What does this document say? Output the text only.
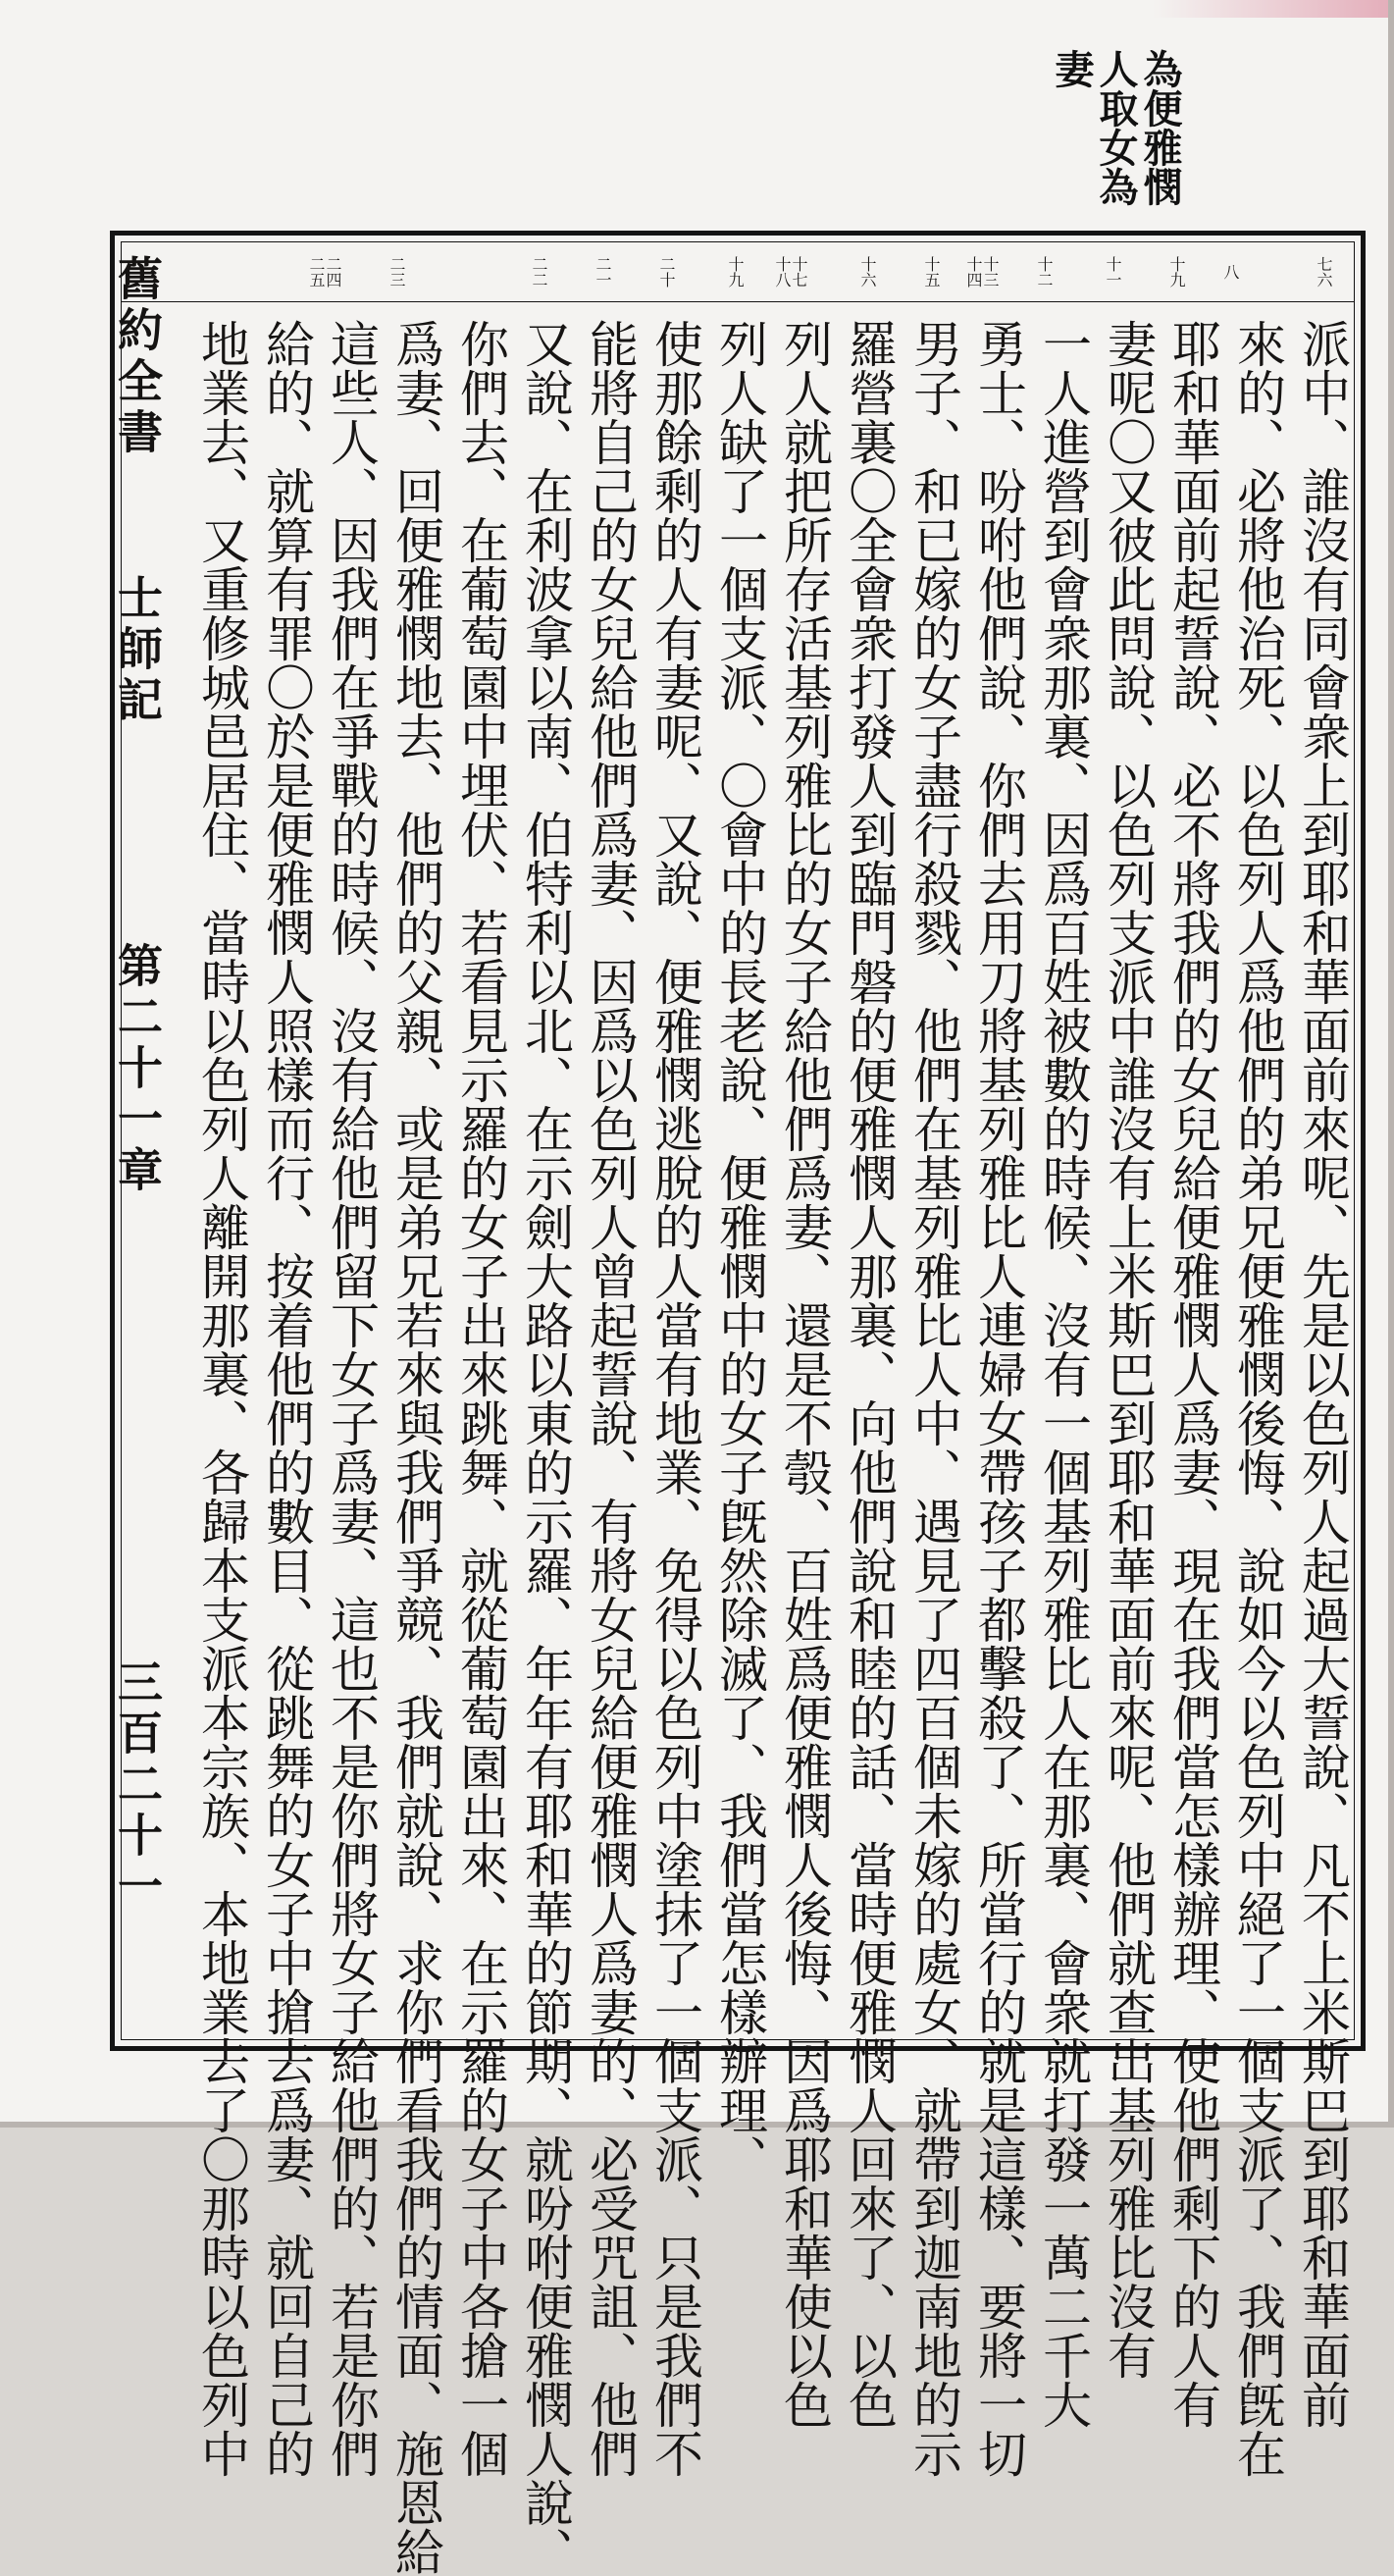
為便雅憫人取女為妻
舊約全書
士師記
第二十一章
三百二十一
七六
八
十九
十一
十二
十三十四
十五
十六
十七十八
十九
二十
二一
二二
二三
二四二五
派中、誰沒有同會衆上到耶和華面前來呢、先是以色列人起過大誓說、凡不上米斯巴到耶和華面前
來的、必將他治死、以色列人爲他們的弟兄便雅憫後悔、說如今以色列中絕了一個支派了、我們旣在
耶和華面前起誓說、必不將我們的女兒給便雅憫人爲妻、現在我們當怎樣辦理、使他們剩下的人有
妻呢〇又彼此問說、以色列支派中誰沒有上米斯巴到耶和華面前來呢、他們就查出基列雅比沒有
一人進營到會衆那裏、因爲百姓被數的時候、沒有一個基列雅比人在那裏、會衆就打發一萬二千大
勇士、吩咐他們說、你們去用刀將基列雅比人連婦女帶孩子都擊殺了、所當行的就是這樣、要將一切
男子、和已嫁的女子盡行殺戮、他們在基列雅比人中、遇見了四百個未嫁的處女、就帶到迦南地的示
羅營裏〇全會衆打發人到臨門磐的便雅憫人那裏、向他們說和睦的話、當時便雅憫人回來了、以色
列人就把所存活基列雅比的女子給他們爲妻、還是不彀、百姓爲便雅憫人後悔、因爲耶和華使以色
列人缺了一個支派、〇會中的長老說、便雅憫中的女子旣然除滅了、我們當怎樣辦理、
使那餘剩的人有妻呢、又說、便雅憫逃脫的人當有地業、免得以色列中塗抹了一個支派、只是我們不
能將自己的女兒給他們爲妻、因爲以色列人曾起誓說、有將女兒給便雅憫人爲妻的、必受咒詛、他們
又說、在利波拿以南、伯特利以北、在示劍大路以東的示羅、年年有耶和華的節期、就吩咐便雅憫人說、
你們去、在葡萄園中埋伏、若看見示羅的女子出來跳舞、就從葡萄園出來、在示羅的女子中各搶一個
爲妻、回便雅憫地去、他們的父親、或是弟兄若來與我們爭競、我們就說、求你們看我們的情面、施恩給
這些人、因我們在爭戰的時候、沒有給他們留下女子爲妻、這也不是你們將女子給他們的、若是你們
給的、就算有罪〇於是便雅憫人照樣而行、按着他們的數目、從跳舞的女子中搶去爲妻、就回自己的
地業去、又重修城邑居住、當時以色列人離開那裏、各歸本支派本宗族、本地業去了〇那時以色列中
